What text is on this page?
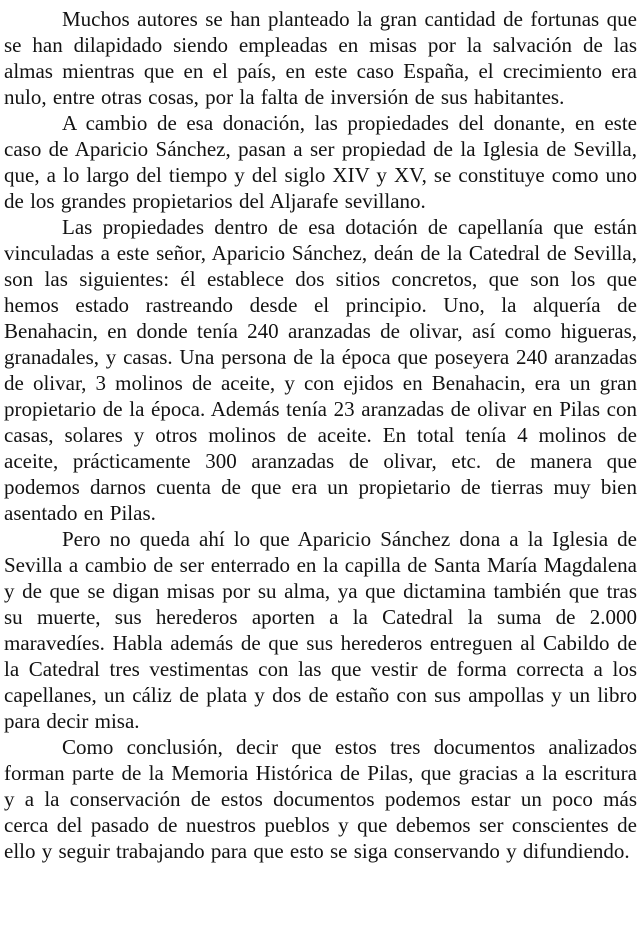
Muchos autores se han planteado la gran cantidad de fortunas que se han dilapidado siendo empleadas en misas por la salvación de las almas mientras que en el país, en este caso España, el crecimiento era nulo, entre otras cosas, por la falta de inversión de sus habitantes.

A cambio de esa donación, las propiedades del donante, en este caso de Aparicio Sánchez, pasan a ser propiedad de la Iglesia de Sevilla, que, a lo largo del tiempo y del siglo XIV y XV, se constituye como uno de los grandes propietarios del Aljarafe sevillano.

Las propiedades dentro de esa dotación de capellanía que están vinculadas a este señor, Aparicio Sánchez, deán de la Catedral de Sevilla, son las siguientes: él establece dos sitios concretos, que son los que hemos estado rastreando desde el principio. Uno, la alquería de Benahacin, en donde tenía 240 aranzadas de olivar, así como higueras, granadales, y casas. Una persona de la época que poseyera 240 aranzadas de olivar, 3 molinos de aceite, y con ejidos en Benahacin, era un gran propietario de la época. Además tenía 23 aranzadas de olivar en Pilas con casas, solares y otros molinos de aceite. En total tenía 4 molinos de aceite, prácticamente 300 aranzadas de olivar, etc. de manera que podemos darnos cuenta de que era un propietario de tierras muy bien asentado en Pilas.

Pero no queda ahí lo que Aparicio Sánchez dona a la Iglesia de Sevilla a cambio de ser enterrado en la capilla de Santa María Magdalena y de que se digan misas por su alma, ya que dictamina también que tras su muerte, sus herederos aporten a la Catedral la suma de 2.000 maravedíes. Habla además de que sus herederos entreguen al Cabildo de la Catedral tres vestimentas con las que vestir de forma correcta a los capellanes, un cáliz de plata y dos de estaño con sus ampollas y un libro para decir misa.

Como conclusión, decir que estos tres documentos analizados forman parte de la Memoria Histórica de Pilas, que gracias a la escritura y a la conservación de estos documentos podemos estar un poco más cerca del pasado de nuestros pueblos y que debemos ser conscientes de ello y seguir trabajando para que esto se siga conservando y difundiendo.
